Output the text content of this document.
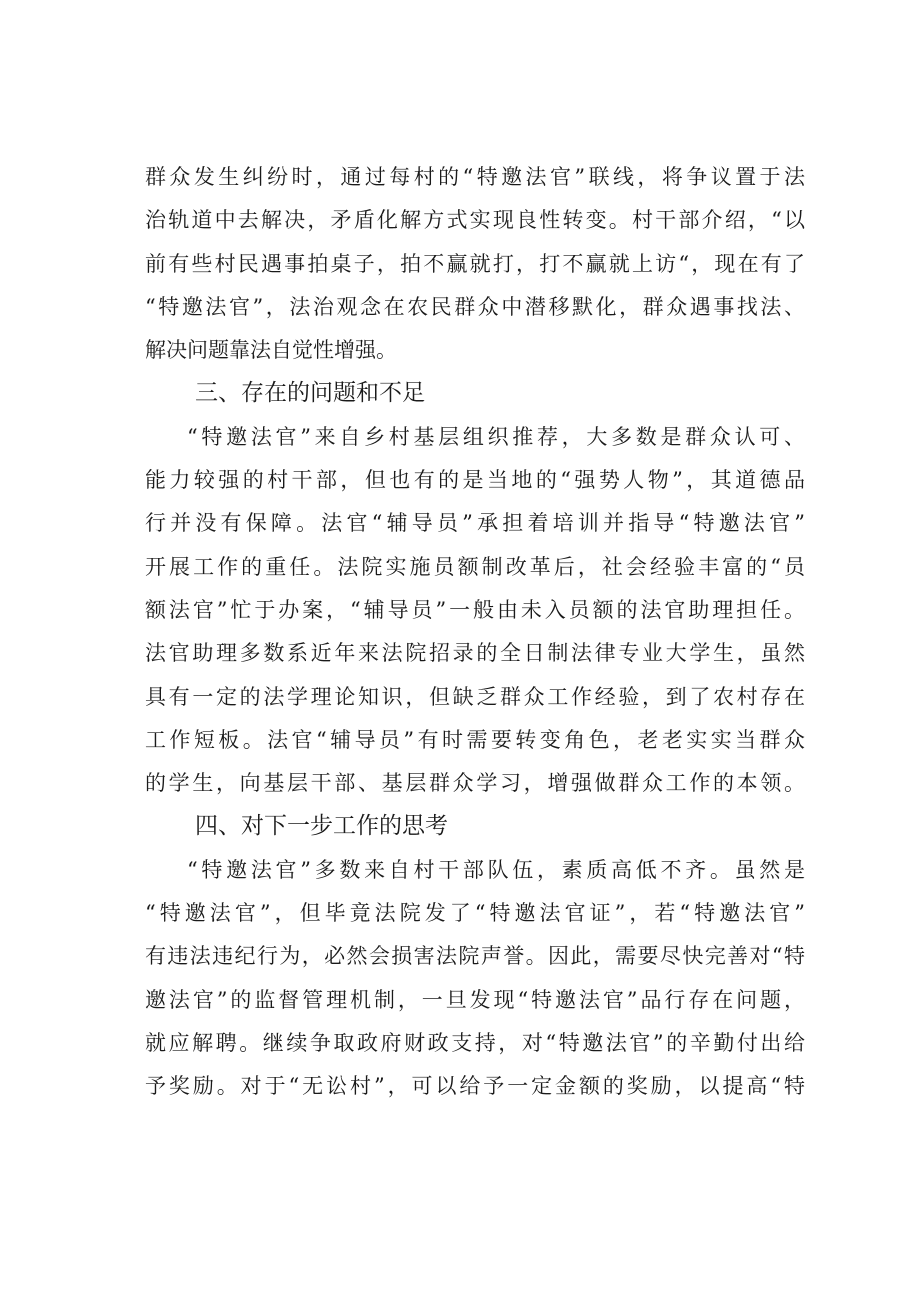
群众发生纠纷时，通过每村的“特邀法官”联线，将争议置于法
治轨道中去解决，矛盾化解方式实现良性转变。村干部介绍，“以
前有些村民遇事拍桌子，拍不赢就打，打不赢就上访“，现在有了
“特邀法官”，法治观念在农民群众中潜移默化，群众遇事找法、
解决问题靠法自觉性增强。
三、存在的问题和不足
“特邀法官”来自乡村基层组织推荐，大多数是群众认可、
能力较强的村干部，但也有的是当地的“强势人物”，其道德品
行并没有保障。法官“辅导员”承担着培训并指导“特邀法官”
开展工作的重任。法院实施员额制改革后，社会经验丰富的“员
额法官”忙于办案，“辅导员”一般由未入员额的法官助理担任。
法官助理多数系近年来法院招录的全日制法律专业大学生，虽然
具有一定的法学理论知识，但缺乏群众工作经验，到了农村存在
工作短板。法官“辅导员”有时需要转变角色，老老实实当群众
的学生，向基层干部、基层群众学习，增强做群众工作的本领。
四、对下一步工作的思考
“特邀法官”多数来自村干部队伍，素质高低不齐。虽然是
“特邀法官”，但毕竟法院发了“特邀法官证”，若“特邀法官”
有违法违纪行为，必然会损害法院声誉。因此，需要尽快完善对“特
邀法官”的监督管理机制，一旦发现“特邀法官”品行存在问题，
就应解聘。继续争取政府财政支持，对“特邀法官”的辛勤付出给
予奖励。对于“无讼村”，可以给予一定金额的奖励，以提高“特
